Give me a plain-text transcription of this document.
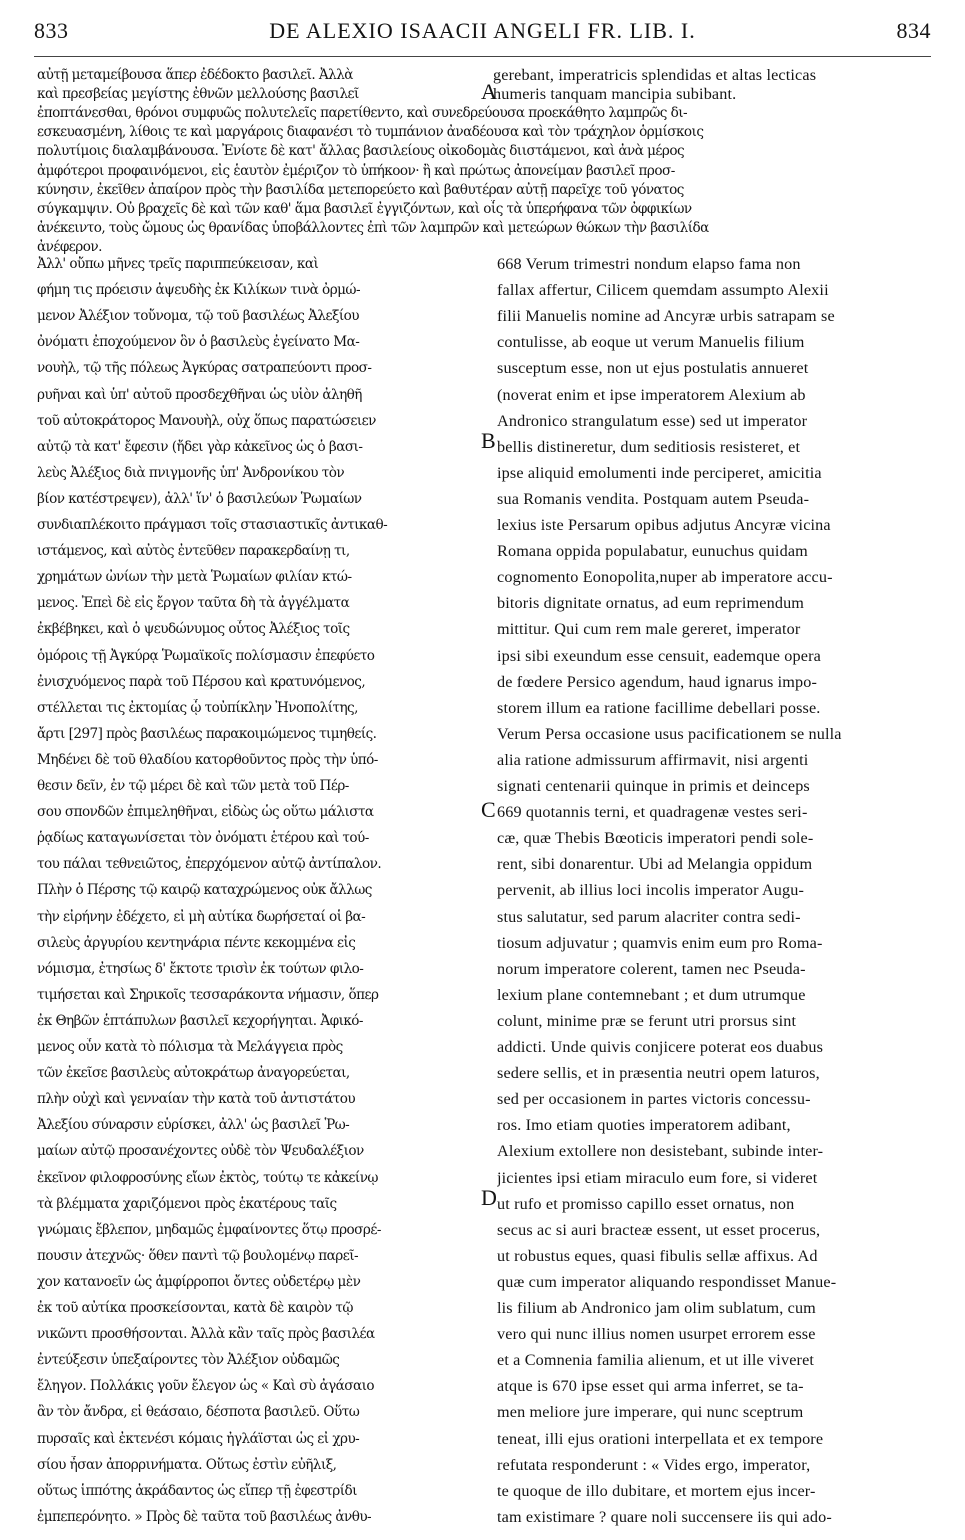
833	DE ALEXIO ISAACII ANGELI FR. LIB. I.	834
A
B
C
D
αὐτῇ μεταμείβουσα ἅπερ ἐδέδοκτο βασιλεῖ. Ἀλλὰ
καὶ πρεσβείας μεγίστης ἐθνῶν μελλούσης βασιλεῖ
ἐποπτάνεσθαι, θρόνοι συμφυῶς πολυτελεῖς παρετίθεντο, καὶ συνεδρεύουσα προεκάθητο λαμπρῶς δι-
εσκευασμένη, λίθοις τε καὶ μαργάροις διαφανέσι τὸ τυμπάνιον ἀναδέουσα καὶ τὸν τράχηλον ὁρμίσκοις
πολυτίμοις διαλαμβάνουσα. Ἐνίοτε δὲ κατ' ἄλλας βασιλείους οἰκοδομὰς διιστάμενοι, καὶ ἀνὰ μέρος
ἀμφότεροι προφαινόμενοι, εἰς ἑαυτὸν ἐμέριζον τὸ ὑπήκοον· ἢ καὶ πρώτως ἀπονείμαν βασιλεῖ προσ-
κύνησιν, ἐκεῖθεν ἀπαίρον πρὸς τὴν βασιλίδα μετεπορεύετο καὶ βαθυτέραν αὐτῇ παρεῖχε τοῦ γόνατος
σύγκαμψιν. Οὐ βραχεῖς δὲ καὶ τῶν καθ' ἅμα βασιλεῖ ἐγγιζόντων, καὶ οἷς τὰ ὑπερήφανα τῶν ὀφφικίων
ἀνέκειντο, τοὺς ὤμους ὡς θρανίδας ὑποβάλλοντες ἐπὶ τῶν λαμπρῶν καὶ μετεώρων θώκων τὴν βασιλίδα
ἀνέφερον.
gerebant, imperatricis splendidas et altas lecticas
humeris tanquam mancipia subibant.
Ἀλλ' οὔπω μῆνες τρεῖς παριππεύκεισαν, καὶ
φήμη τις πρόεισιν ἀψευδὴς ἐκ Κιλίκων τινὰ ὀρμώ-
μενον Ἀλέξιον τοὔνομα, τῷ τοῦ βασιλέως Ἀλεξίου
ὀνόματι ἐποχούμενον ὃν ὁ βασιλεὺς ἐγείνατο Μα-
νουὴλ, τῷ τῆς πόλεως Ἀγκύρας σατραπεύοντι προσ-
ρυῆναι καὶ ὑπ' αὐτοῦ προσδεχθῆναι ὡς υἱὸν ἀληθῆ
τοῦ αὐτοκράτορος Μανουὴλ, οὐχ ὅπως παρατώσειεν
αὐτῷ τὰ κατ' ἔφεσιν (ἤδει γὰρ κἀκεῖνος ὡς ὁ βασι-
λεὺς Ἀλέξιος διὰ πνιγμονῆς ὑπ' Ἀνδρονίκου τὸν
βίον κατέστρεψεν), ἀλλ' ἵν' ὁ βασιλεύων Ῥωμαίων
συνδιαπλέκοιτο πράγμασι τοῖς στασιαστικῖς ἀντικαθ-
ιστάμενος, καὶ αὐτὸς ἐντεῦθεν παρακερδαίνῃ τι,
χρημάτων ὠνίων τὴν μετὰ Ῥωμαίων φιλίαν κτώ-
μενος. Ἐπεὶ δὲ εἰς ἔργον ταῦτα δὴ τὰ ἀγγέλματα
ἐκβέβηκει, καὶ ὁ ψευδώνυμος οὗτος Ἀλέξιος τοῖς
ὁμόροις τῇ Ἀγκύρᾳ Ῥωμαϊκοῖς πολίσμασιν ἐπεφύετο
ἐνισχυόμενος παρὰ τοῦ Πέρσου καὶ κρατυνόμενος,
στέλλεται τις ἐκτομίας ᾧ τοὐπίκλην Ἠνοπολίτης,
ἄρτι [297] πρὸς βασιλέως παρακοιμώμενος τιμηθείς.
Μηδένει δὲ τοῦ θλαδίου κατορθοῦντος πρὸς τὴν ὑπό-
θεσιν δεῖν, ἐν τῷ μέρει δὲ καὶ τῶν μετὰ τοῦ Πέρ-
σου σπονδῶν ἐπιμεληθῆναι, εἰδὼς ὡς οὕτω μάλιστα
ῥᾳδίως καταγωνίσεται τὸν ὀνόματι ἑτέρου καὶ τού-
του πάλαι τεθνειῶτος, ἐπερχόμενον αὐτῷ ἀντίπαλον.
Πλὴν ὁ Πέρσης τῷ καιρῷ καταχρώμενος οὐκ ἄλλως
τὴν εἰρήνην ἐδέχετο, εἰ μὴ αὐτίκα δωρήσεταί οἱ βα-
σιλεὺς ἀργυρίου κεντηνάρια πέντε κεκομμένα εἰς
νόμισμα, ἐτησίως δ' ἔκτοτε τρισὶν ἐκ τούτων φιλο-
τιμήσεται καὶ Σηρικοῖς τεσσαράκοντα νήμασιν, ὅπερ
ἐκ Θηβῶν ἑπτάπυλων βασιλεῖ κεχορήγηται. Ἀφικό-
μενος οὖν κατὰ τὸ πόλισμα τὰ Μελάγγεια πρὸς
τῶν ἐκεῖσε βασιλεὺς αὐτοκράτωρ ἀναγορεύεται,
πλὴν οὐχὶ καὶ γενναίαν τὴν κατὰ τοῦ ἀντιστάτου
Ἀλεξίου σύναρσιν εὑρίσκει, ἀλλ' ὡς βασιλεῖ Ῥω-
μαίων αὐτῷ προσανέχοντες οὐδὲ τὸν Ψευδαλέξιον
ἐκεῖνον φιλοφροσύνης εἴων ἐκτὸς, τούτῳ τε κἀκείνῳ
τὰ βλέμματα χαριζόμενοι πρὸς ἑκατέρους ταῖς
γνώμαις ἔβλεπον, μηδαμῶς ἐμφαίνοντες ὅτῳ προσρέ-
πουσιν ἀτεχνῶς· ὅθεν παντὶ τῷ βουλομένῳ παρεῖ-
χον κατανοεῖν ὡς ἀμφίρροποι ὄντες οὐδετέρῳ μὲν
ἐκ τοῦ αὐτίκα προσκείσονται, κατὰ δὲ καιρὸν τῷ
νικῶντι προσθήσονται. Ἀλλὰ κἂν ταῖς πρὸς βασιλέα
ἐντεύξεσιν ὑπεξαίροντες τὸν Ἀλέξιον οὐδαμῶς
ἔληγον. Πολλάκις γοῦν ἔλεγον ὡς « Καὶ σὺ ἀγάσαιο
ἂν τὸν ἄνδρα, εἰ θεάσαιο, δέσποτα βασιλεῦ. Οὕτω
πυρσαῖς καὶ ἐκτενέσι κόμαις ἠγλάϊσται ὡς εἰ χρυ-
σίου ἦσαν ἀπορρινήματα. Οὕτως ἐστὶν εὐῆλιξ,
οὕτως ἱππότης ἀκράδαντος ὡς εἴπερ τῇ ἐφεστρίδι
ἐμπεπερόνητο. » Πρὸς δὲ ταῦτα τοῦ βασιλέως ἀνθυ-
668 Verum trimestri nondum elapso fama non
fallax affertur, Cilicem quemdam assumpto Alexii
filii Manuelis nomine ad Ancyræ urbis satrapam se
contulisse, ab eoque ut verum Manuelis filium
susceptum esse, non ut ejus postulatis annueret
(noverat enim et ipse imperatorem Alexium ab
Andronico strangulatum esse) sed ut imperator
bellis distineretur, dum seditiosis resisteret, et
ipse aliquid emolumenti inde perciperet, amicitia
sua Romanis vendita. Postquam autem Pseuda-
lexius iste Persarum opibus adjutus Ancyræ vicina
Romana oppida populabatur, eunuchus quidam
cognomento Eonopolita,nuper ab imperatore accu-
bitoris dignitate ornatus, ad eum reprimendum
mittitur. Qui cum rem male gereret, imperator
ipsi sibi exeundum esse censuit, eademque opera
de fœdere Persico agendum, haud ignarus impo-
storem illum ea ratione facillime debellari posse.
Verum Persa occasione usus pacificationem se nulla
alia ratione admissurum affirmavit, nisi argenti
signati centenarii quinque in primis et deinceps
669 quotannis terni, et quadragenæ vestes seri-
cæ, quæ Thebis Bœoticis imperatori pendi sole-
rent, sibi donarentur. Ubi ad Melangia oppidum
pervenit, ab illius loci incolis imperator Augu-
stus salutatur, sed parum alacriter contra sedi-
tiosum adjuvatur ; quamvis enim eum pro Roma-
norum imperatore colerent, tamen nec Pseuda-
lexium plane contemnebant ; et dum utrumque
colunt, minime præ se ferunt utri prorsus sint
addicti. Unde quivis conjicere poterat eos duabus
sedere sellis, et in præsentia neutri opem laturos,
sed per occasionem in partes victoris concessu-
ros. Imo etiam quoties imperatorem adibant,
Alexium extollere non desistebant, subinde inter-
jicientes ipsi etiam miraculo eum fore, si videret
ut rufo et promisso capillo esset ornatus, non
secus ac si auri bracteæ essent, ut esset procerus,
ut robustus eques, quasi fibulis sellæ affixus. Ad
quæ cum imperator aliquando respondisset Manue-
lis filium ab Andronico jam olim sublatum, cum
vero qui nunc illius nomen usurpet errorem esse
et a Comnenia familia alienum, et ut ille viveret
atque is 670 ipse esset qui arma inferret, se ta-
men meliore jure imperare, qui nunc sceptrum
teneat, illi ejus orationi interpellata et ex tempore
refutata responderunt : « Vides ergo, imperator,
te quoque de illo dubitare, et mortem ejus incer-
tam existimare ? quare noli succensere iis qui ado-
